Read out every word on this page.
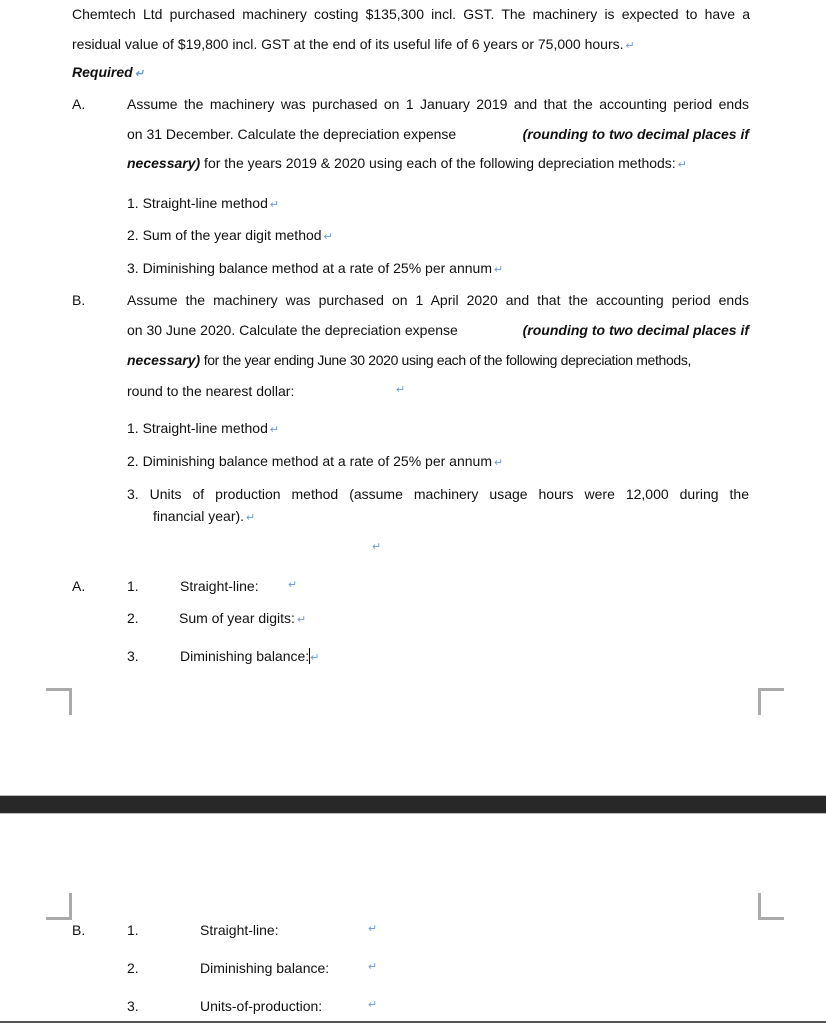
Chemtech Ltd purchased machinery costing $135,300 incl. GST. The machinery is expected to have a
residual value of $19,800 incl. GST at the end of its useful life of 6 years or 75,000 hours. ↵
Required ↵
A.	Assume the machinery was purchased on 1 January 2019 and that the accounting period ends
on 31 December. Calculate the depreciation expense	(rounding to two decimal places if
necessary) for the years 2019 & 2020 using each of the following depreciation methods: ↵
1. Straight-line method ↵
2. Sum of the year digit method ↵
3. Diminishing balance method at a rate of 25% per annum ↵
B.	Assume the machinery was purchased on 1 April 2020 and that the accounting period ends
on 30 June 2020. Calculate the depreciation expense	(rounding to two decimal places if
necessary) for the year ending June 30 2020 using each of the following depreciation methods,
round to the nearest dollar:	↵
1. Straight-line method ↵
2. Diminishing balance method at a rate of 25% per annum ↵
3. Units of production method (assume machinery usage hours were 12,000 during the
financial year). ↵
↵
A.	1.	Straight-line:	↵
2.	Sum of year digits: ↵
3.	Diminishing balance:↵
B.	1.	Straight-line:	↵
2.	Diminishing balance:	↵
3.	Units-of-production:	↵
